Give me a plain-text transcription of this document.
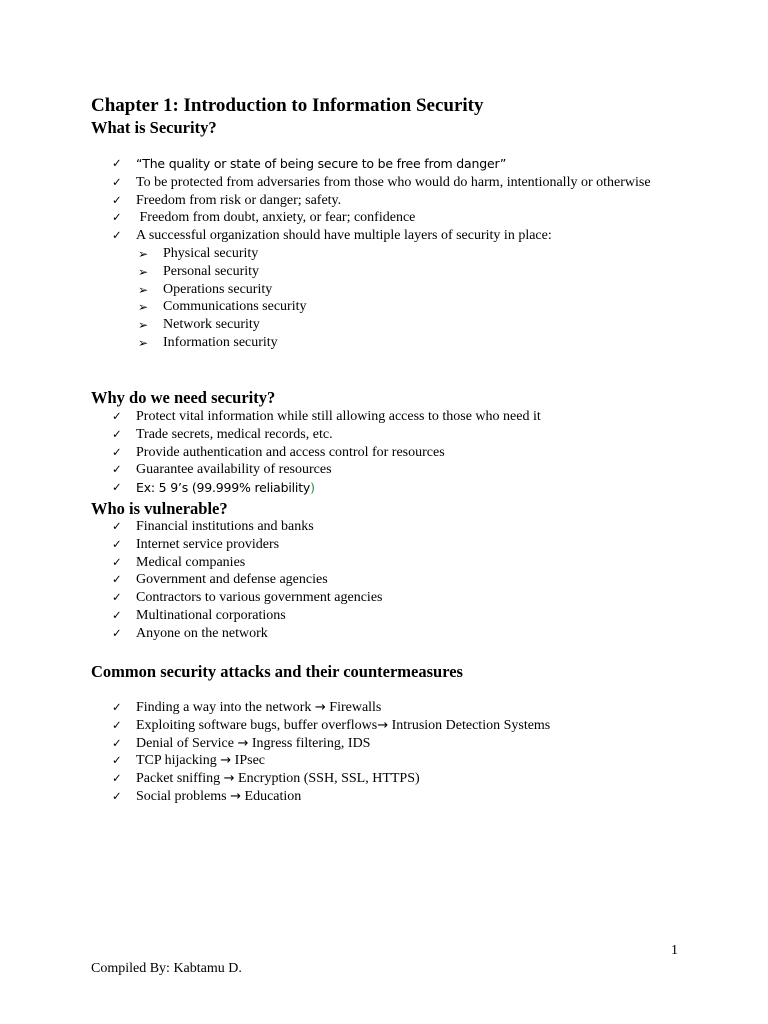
Chapter 1: Introduction to Information Security
What is Security?
✓ “The quality or state of being secure to be free from danger”
✓ To be protected from adversaries from those who would do harm, intentionally or otherwise
✓ Freedom from risk or danger; safety.
✓ Freedom from doubt, anxiety, or fear; confidence
✓ A successful organization should have multiple layers of security in place:
➢ Physical security
➢ Personal security
➢ Operations security
➢ Communications security
➢ Network security
➢ Information security
Why do we need security?
✓ Protect vital information while still allowing access to those who need it
✓ Trade secrets, medical records, etc.
✓ Provide authentication and access control for resources
✓ Guarantee availability of resources
✓ Ex: 5 9’s (99.999% reliability)
Who is vulnerable?
✓ Financial institutions and banks
✓ Internet service providers
✓ Medical companies
✓ Government and defense agencies
✓ Contractors to various government agencies
✓ Multinational corporations
✓ Anyone on the network
Common security attacks and their countermeasures
✓ Finding a way into the network → Firewalls
✓ Exploiting software bugs, buffer overflows→ Intrusion Detection Systems
✓ Denial of Service → Ingress filtering, IDS
✓ TCP hijacking → IPsec
✓ Packet sniffing → Encryption (SSH, SSL, HTTPS)
✓ Social problems → Education
1
Compiled By: Kabtamu D.
